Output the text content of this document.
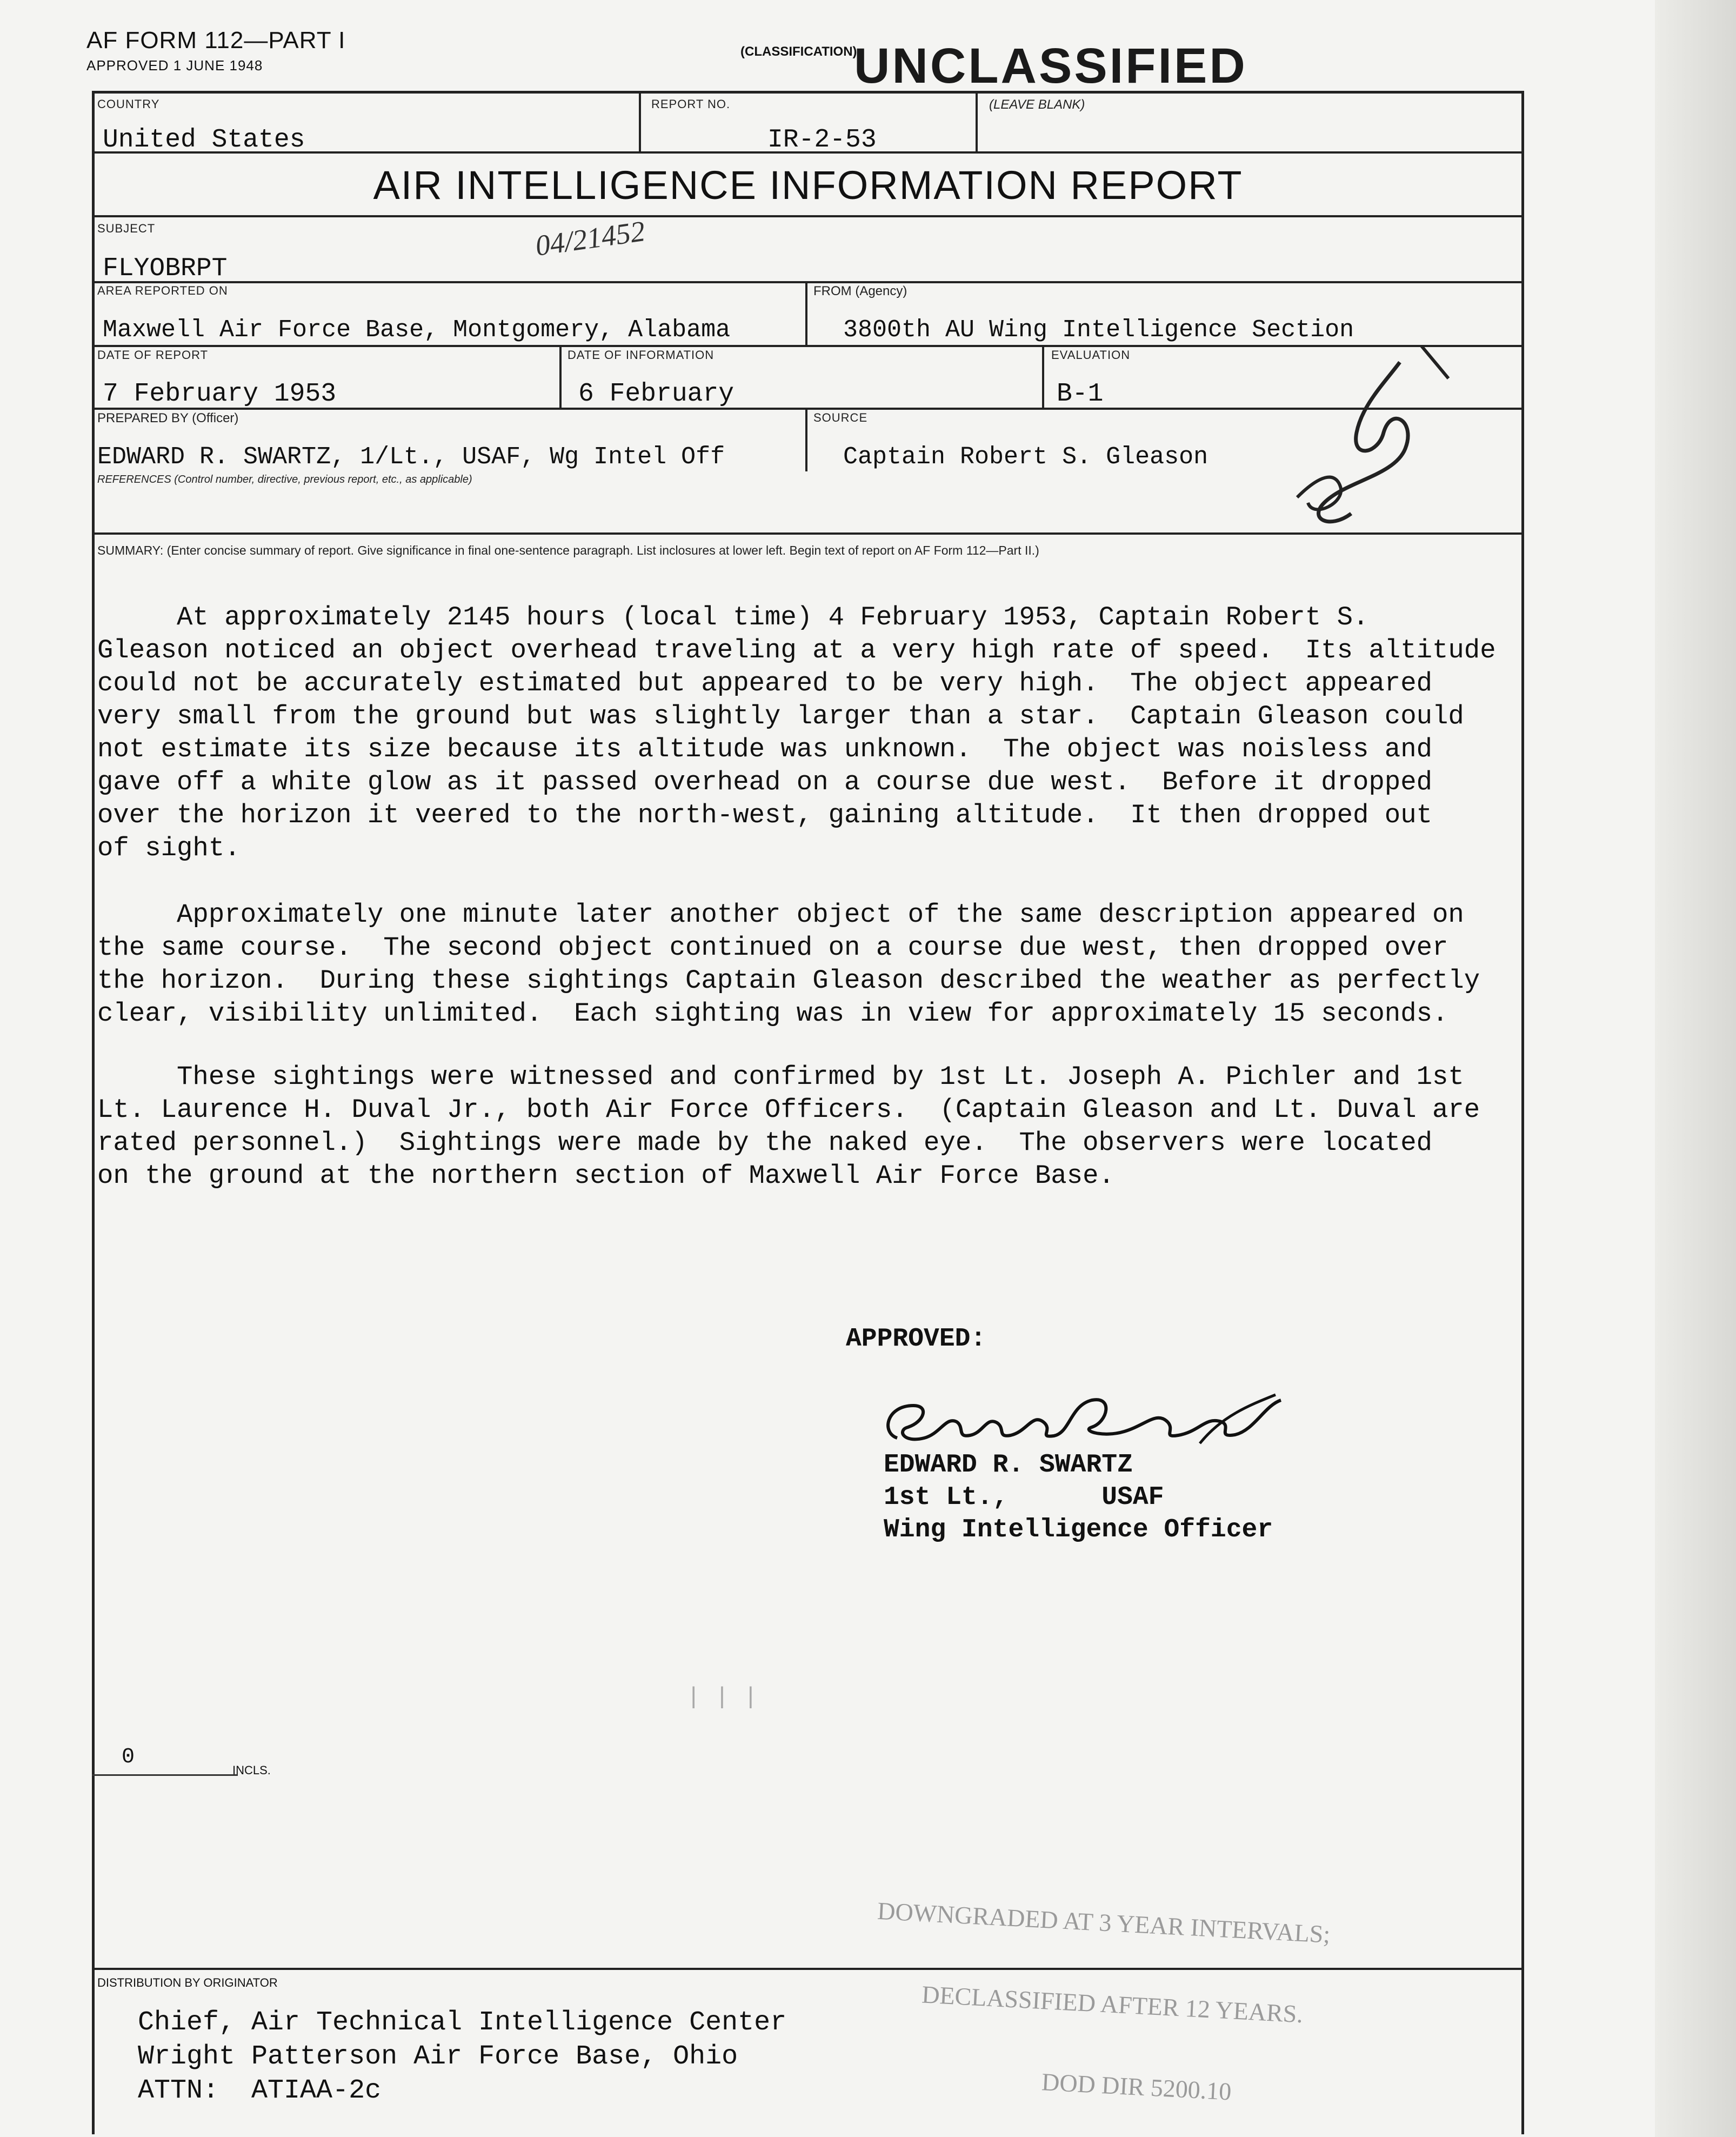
AF FORM 112—PART I
APPROVED 1 JUNE 1948
(CLASSIFICATION)
UNCLASSIFIED
COUNTRY
United States
REPORT NO.
IR-2-53
(LEAVE BLANK)
AIR INTELLIGENCE INFORMATION REPORT
SUBJECT
FLYOBRPT
04/21452
AREA REPORTED ON
Maxwell Air Force Base, Montgomery, Alabama
FROM (Agency)
3800th AU Wing Intelligence Section
DATE OF REPORT
7 February 1953
DATE OF INFORMATION
6 February
EVALUATION
B-1
PREPARED BY (Officer)
EDWARD R. SWARTZ, 1/Lt., USAF, Wg Intel Off
SOURCE
Captain Robert S. Gleason
REFERENCES (Control number, directive, previous report, etc., as applicable)
SUMMARY: (Enter concise summary of report. Give significance in final one-sentence paragraph. List inclosures at lower left. Begin text of report on AF Form 112—Part II.)
At approximately 2145 hours (local time) 4 February 1953, Captain Robert S.
Gleason noticed an object overhead traveling at a very high rate of speed.  Its altitude
could not be accurately estimated but appeared to be very high.  The object appeared
very small from the ground but was slightly larger than a star.  Captain Gleason could
not estimate its size because its altitude was unknown.  The object was noisless and
gave off a white glow as it passed overhead on a course due west.  Before it dropped
over the horizon it veered to the north-west, gaining altitude.  It then dropped out
of sight.
Approximately one minute later another object of the same description appeared on
the same course.  The second object continued on a course due west, then dropped over
the horizon.  During these sightings Captain Gleason described the weather as perfectly
clear, visibility unlimited.  Each sighting was in view for approximately 15 seconds.
These sightings were witnessed and confirmed by 1st Lt. Joseph A. Pichler and 1st
Lt. Laurence H. Duval Jr., both Air Force Officers.  (Captain Gleason and Lt. Duval are
rated personnel.)  Sightings were made by the naked eye.  The observers were located
on the ground at the northern section of Maxwell Air Force Base.
APPROVED:
EDWARD R. SWARTZ
1st Lt.,      USAF
Wing Intelligence Officer
| | |
0
INCLS.

DOWNGRADED AT 3 YEAR INTERVALS;

DECLASSIFIED AFTER 12 YEARS.

DOD DIR 5200.10

DISTRIBUTION BY ORIGINATOR
Chief, Air Technical Intelligence Center
Wright Patterson Air Force Base, Ohio
ATTN:  ATIAA-2c
